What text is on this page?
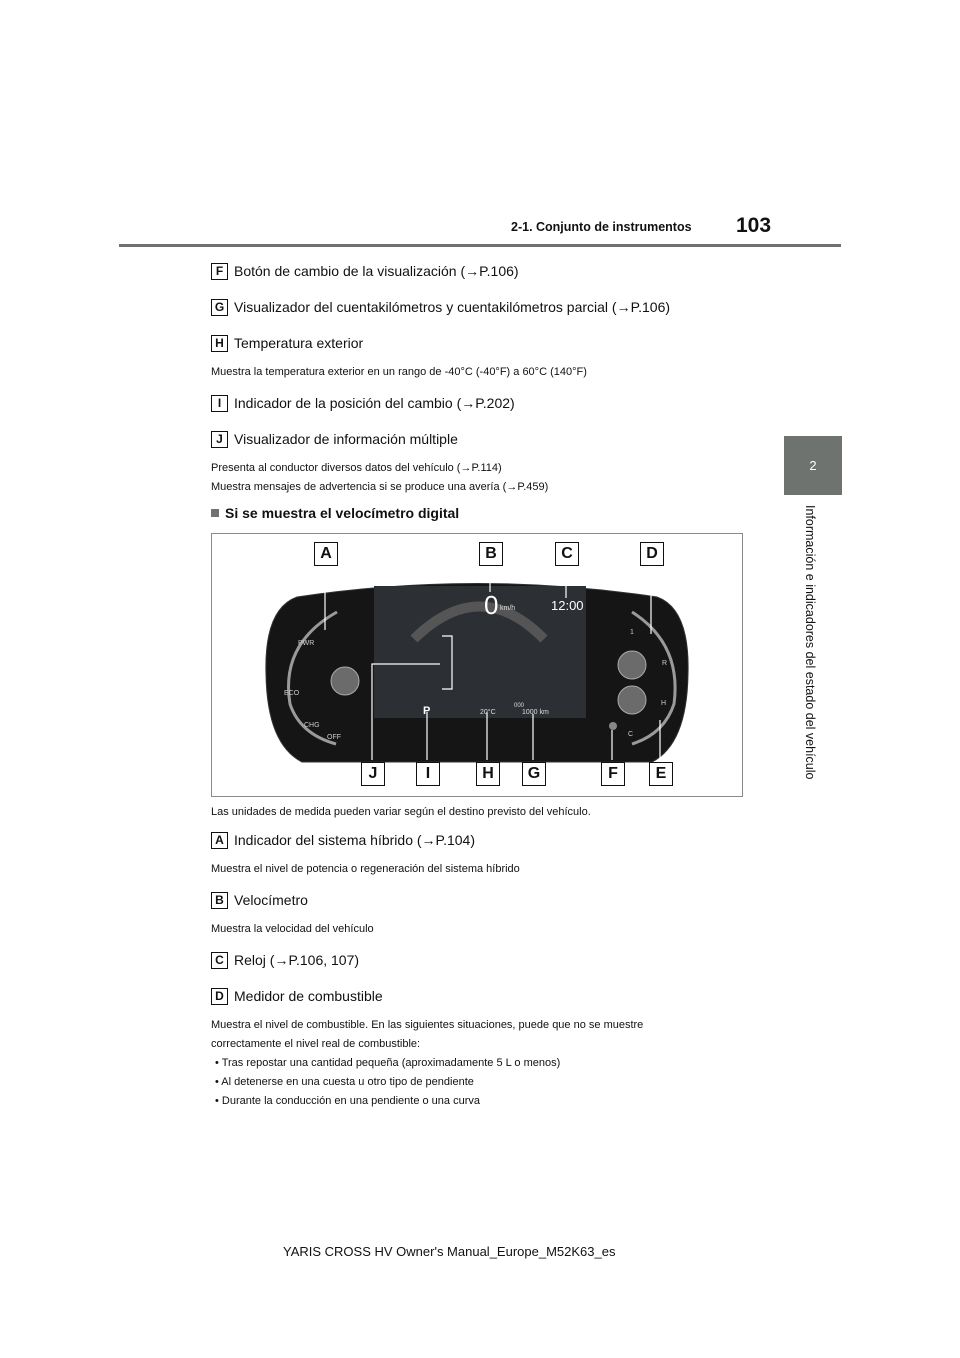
103
2-1. Conjunto de instrumentos
2
Información e indicadores del estado del vehículo
F Botón de cambio de la visualización (→P.106)
G Visualizador del cuentakilómetros y cuentakilómetros parcial (→P.106)
H Temperatura exterior

Muestra la temperatura exterior en un rango de -40°C (-40°F) a 60°C (140°F)

I Indicador de la posición del cambio (→P.202)
J Visualizador de información múltiple

Presenta al conductor diversos datos del vehículo (→P.114)

Muestra mensajes de advertencia si se produce una avería (→P.459)

Si se muestra el velocímetro digital
0 km/h	12:00
P	20°C
000
1000 km
PWR
ECO
CHG
OFF
1
R
H
C
A	B	C	D
J	I	H	G	F	E

Las unidades de medida pueden variar según el destino previsto del vehículo.

A Indicador del sistema híbrido (→P.104)

Muestra el nivel de potencia o regeneración del sistema híbrido

B Velocímetro

Muestra la velocidad del vehículo

C Reloj (→P.106, 107)
D Medidor de combustible

Muestra el nivel de combustible. En las siguientes situaciones, puede que no se muestre

correctamente el nivel real de combustible:

• Tras repostar una cantidad pequeña (aproximadamente 5 L o menos)
• Al detenerse en una cuesta u otro tipo de pendiente
• Durante la conducción en una pendiente o una curva
YARIS CROSS HV Owner's Manual_Europe_M52K63_es
